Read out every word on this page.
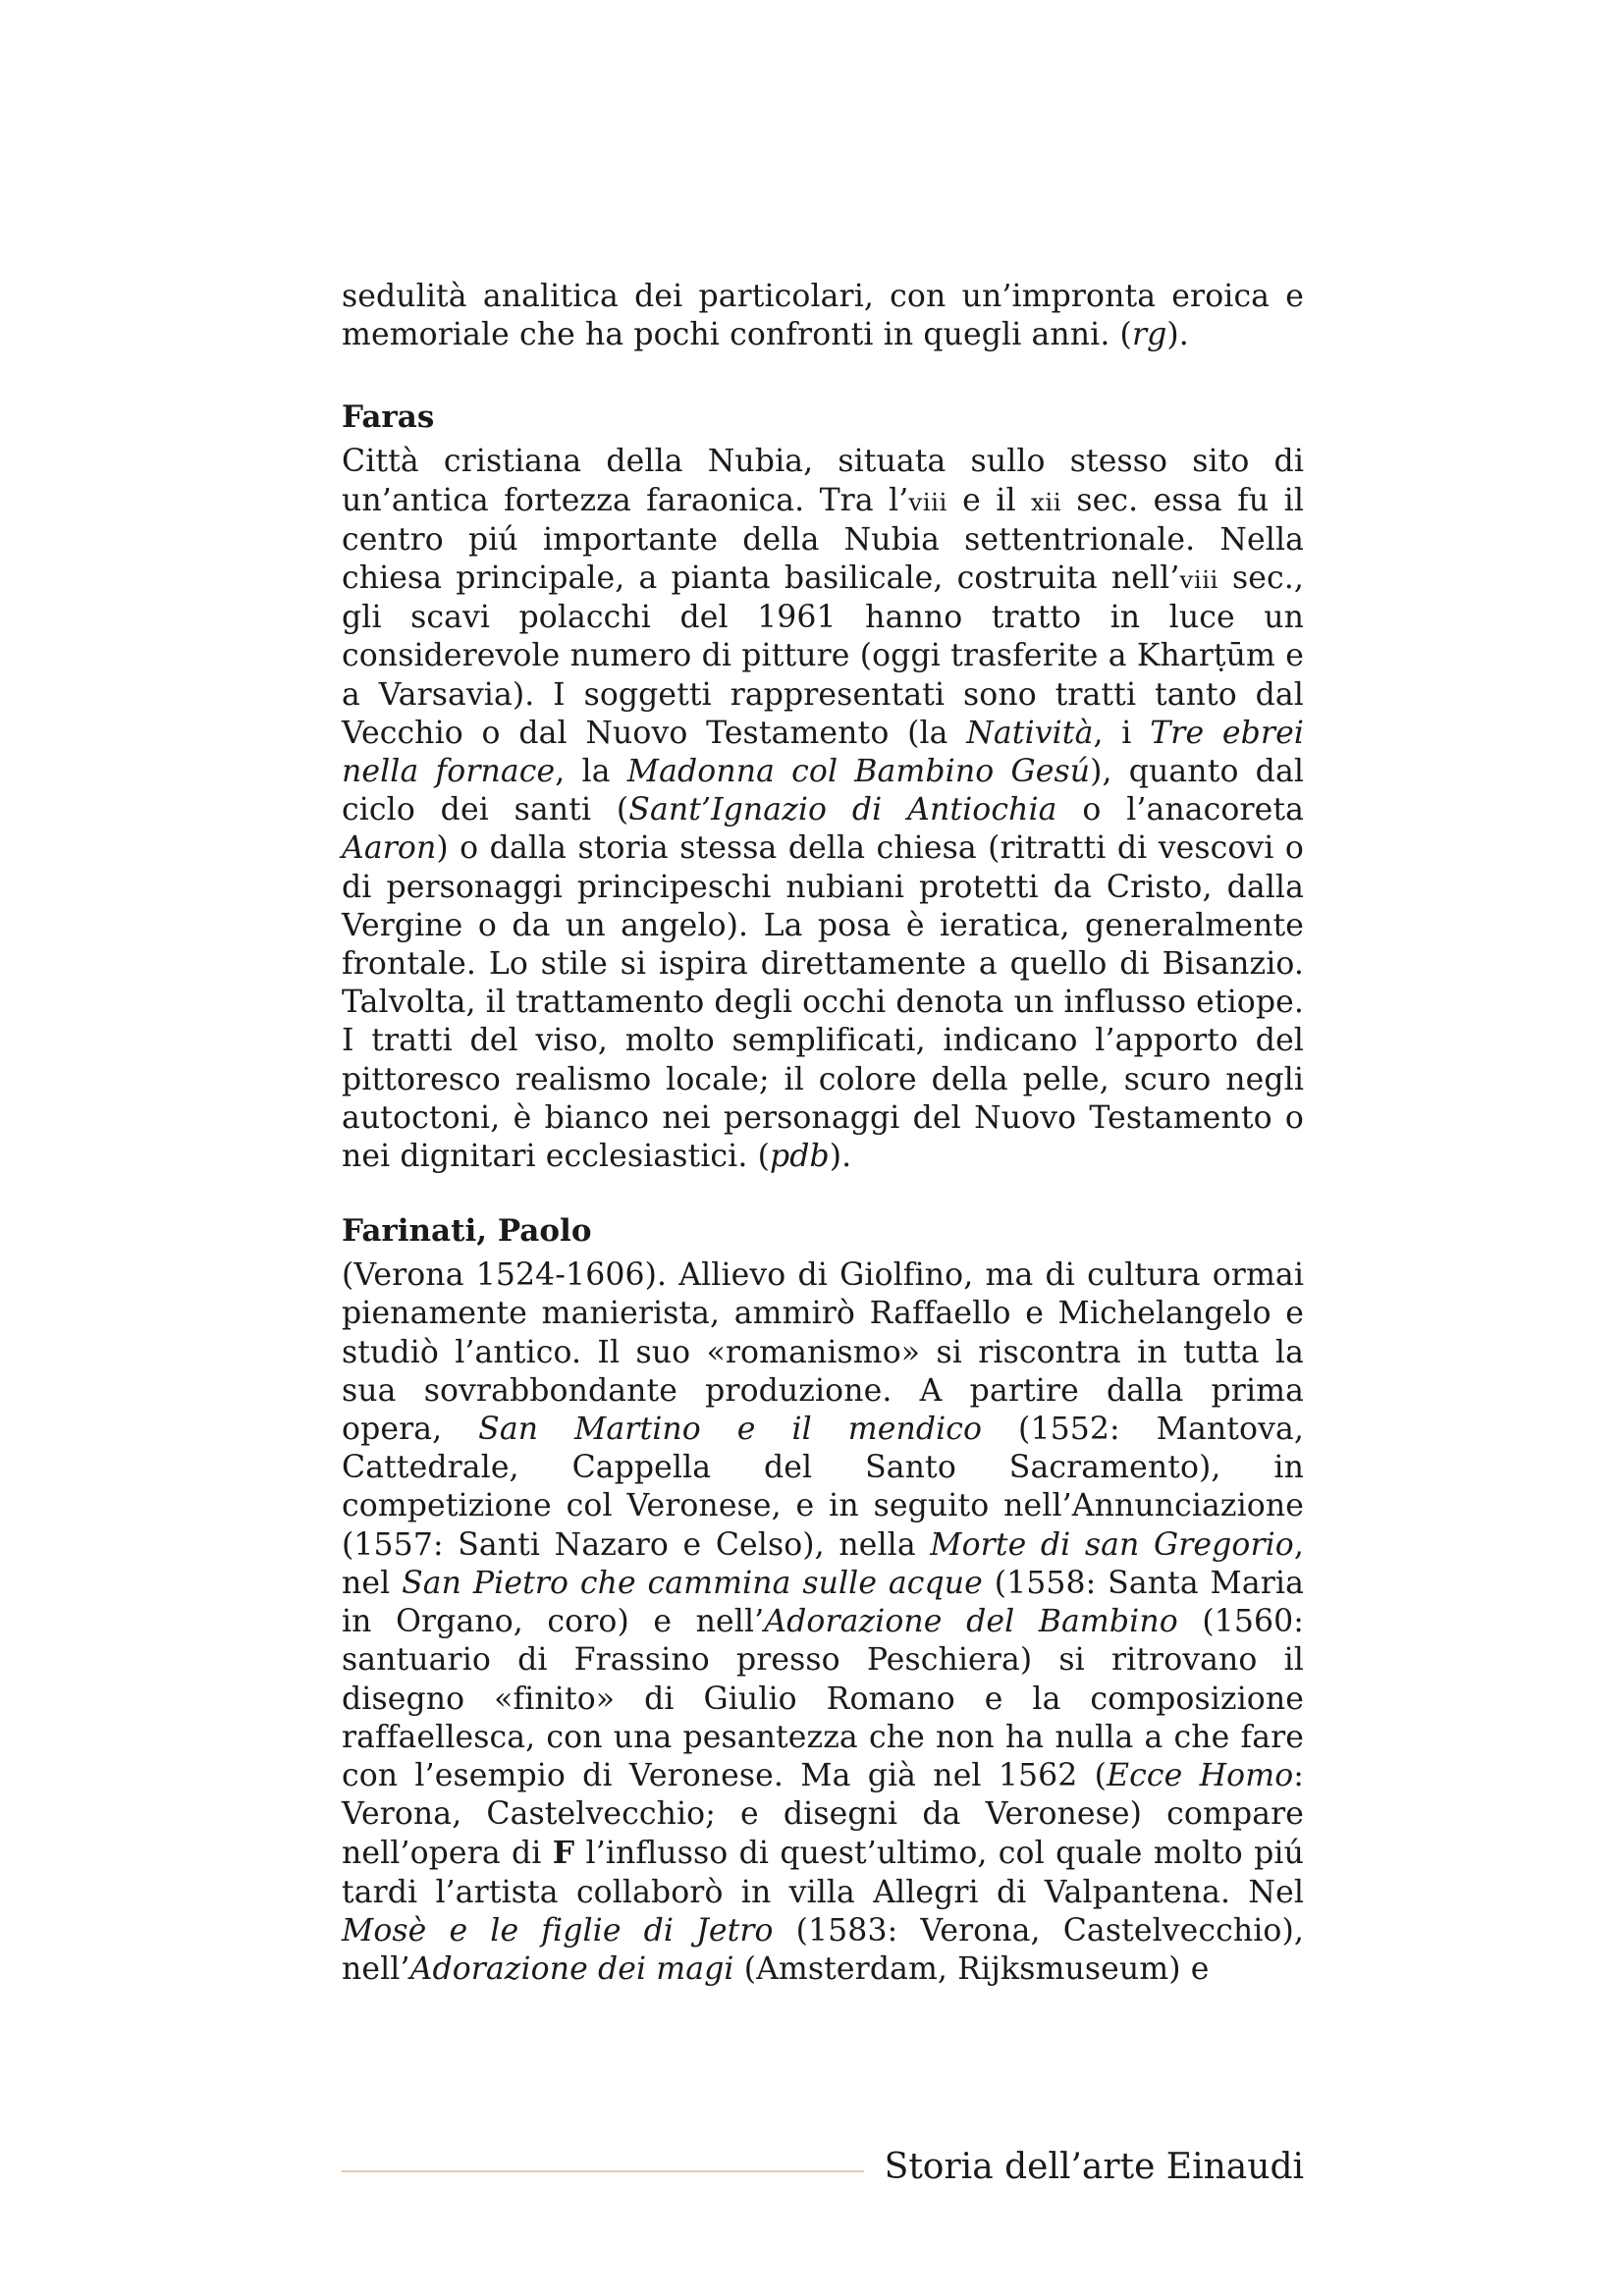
sedulità analitica dei particolari, con un’impronta eroica e memoriale che ha pochi confronti in quegli anni. (rg).

Faras

Città cristiana della Nubia, situata sullo stesso sito di un’antica fortezza faraonica. Tra l’viii e il xii sec. essa fu il centro piú importante della Nubia settentrionale. Nella chiesa principale, a pianta basilicale, costruita nell’viii sec., gli scavi polacchi del 1961 hanno tratto in luce un considerevole numero di pitture (oggi trasferite a Kharṭūm e a Varsavia). I soggetti rappresentati sono tratti tanto dal Vecchio o dal Nuovo Testamento (la Natività, i Tre ebrei nella fornace, la Madonna col Bambino Gesú), quanto dal ciclo dei santi (Sant’Ignazio di Antiochia o l’anacoreta Aaron) o dalla storia stessa della chiesa (ritratti di vescovi o di personaggi principeschi nubiani protetti da Cristo, dalla Vergine o da un angelo). La posa è ieratica, generalmente frontale. Lo stile si ispira direttamente a quello di Bisanzio. Talvolta, il trattamento degli occhi denota un influsso etiope. I tratti del viso, molto semplificati, indicano l’apporto del pittoresco realismo locale; il colore della pelle, scuro negli autoctoni, è bianco nei personaggi del Nuovo Testamento o nei dignitari ecclesiastici. (pdb).

Farinati, Paolo

(Verona 1524-1606). Allievo di Giolfino, ma di cultura ormai pienamente manierista, ammirò Raffaello e Michelangelo e studiò l’antico. Il suo «romanismo» si riscontra in tutta la sua sovrabbondante produzione. A partire dalla prima opera, San Martino e il mendico (1552: Mantova, Cattedrale, Cappella del Santo Sacramento), in competizione col Veronese, e in seguito nell’Annunciazione (1557: Santi Nazaro e Celso), nella Morte di san Gregorio, nel San Pietro che cammina sulle acque (1558: Santa Maria in Organo, coro) e nell’Adorazione del Bambino (1560: santuario di Frassino presso Peschiera) si ritrovano il disegno «finito» di Giulio Romano e la composizione raffaellesca, con una pesantezza che non ha nulla a che fare con l’esempio di Veronese. Ma già nel 1562 (Ecce Homo: Verona, Castelvecchio; e disegni da Veronese) compare nell’opera di F l’influsso di quest’ultimo, col quale molto piú tardi l’artista collaborò in villa Allegri di Valpantena. Nel Mosè e le figlie di Jetro (1583: Verona, Castelvecchio), nell’Adorazione dei magi (Amsterdam, Rijksmuseum) e

Storia dell’arte Einaudi
